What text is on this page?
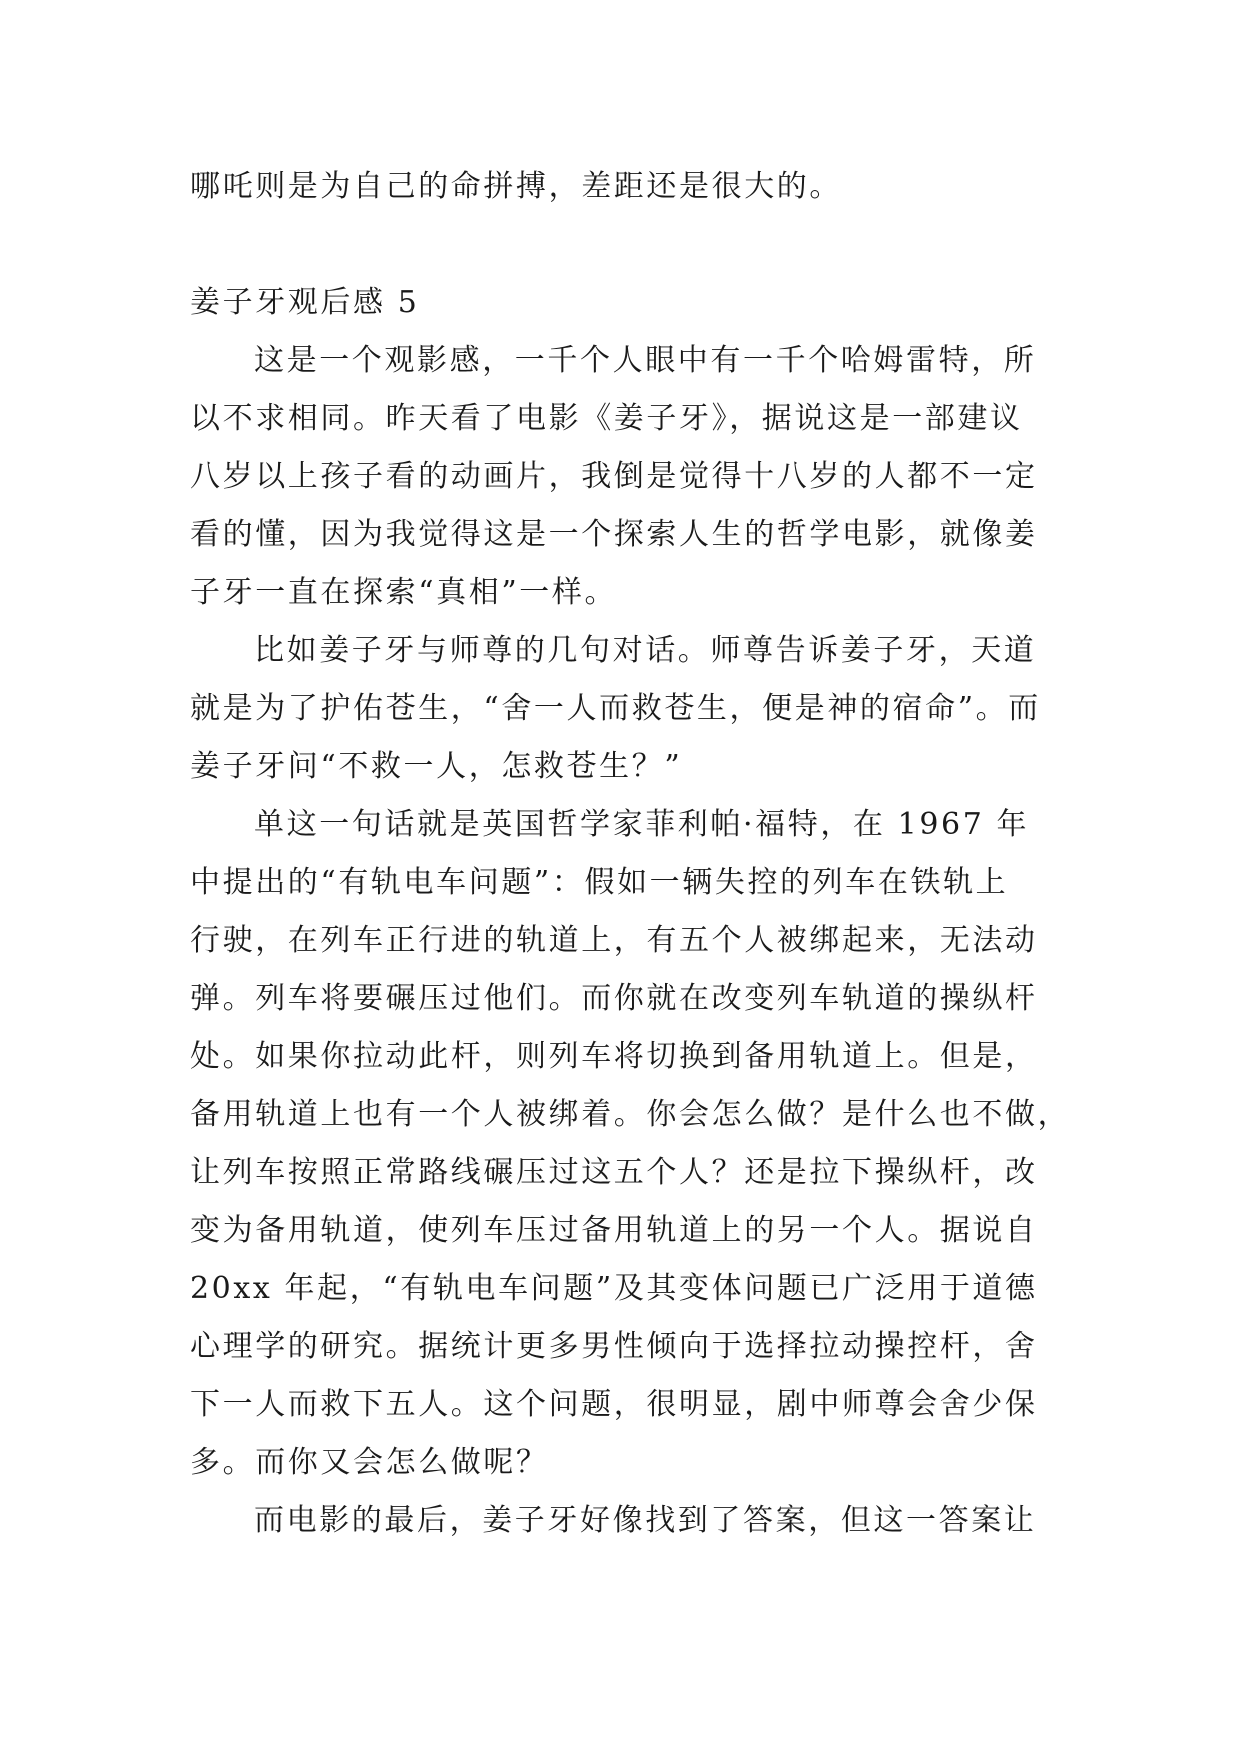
哪吒则是为自己的命拼搏，差距还是很大的。
姜子牙观后感 5
这是一个观影感，一千个人眼中有一千个哈姆雷特，所
以不求相同。昨天看了电影《姜子牙》，据说这是一部建议
八岁以上孩子看的动画片，我倒是觉得十八岁的人都不一定
看的懂，因为我觉得这是一个探索人生的哲学电影，就像姜
子牙一直在探索“真相”一样。
比如姜子牙与师尊的几句对话。师尊告诉姜子牙，天道
就是为了护佑苍生，“舍一人而救苍生，便是神的宿命”。而
姜子牙问“不救一人，怎救苍生？”
单这一句话就是英国哲学家菲利帕·福特，在 1967 年
中提出的“有轨电车问题”：假如一辆失控的列车在铁轨上
行驶，在列车正行进的轨道上，有五个人被绑起来，无法动
弹。列车将要碾压过他们。而你就在改变列车轨道的操纵杆
处。如果你拉动此杆，则列车将切换到备用轨道上。但是，
备用轨道上也有一个人被绑着。你会怎么做？是什么也不做，
让列车按照正常路线碾压过这五个人？还是拉下操纵杆，改
变为备用轨道，使列车压过备用轨道上的另一个人。据说自
20xx 年起，“有轨电车问题”及其变体问题已广泛用于道德
心理学的研究。据统计更多男性倾向于选择拉动操控杆，舍
下一人而救下五人。这个问题，很明显，剧中师尊会舍少保
多。而你又会怎么做呢？
而电影的最后，姜子牙好像找到了答案，但这一答案让
